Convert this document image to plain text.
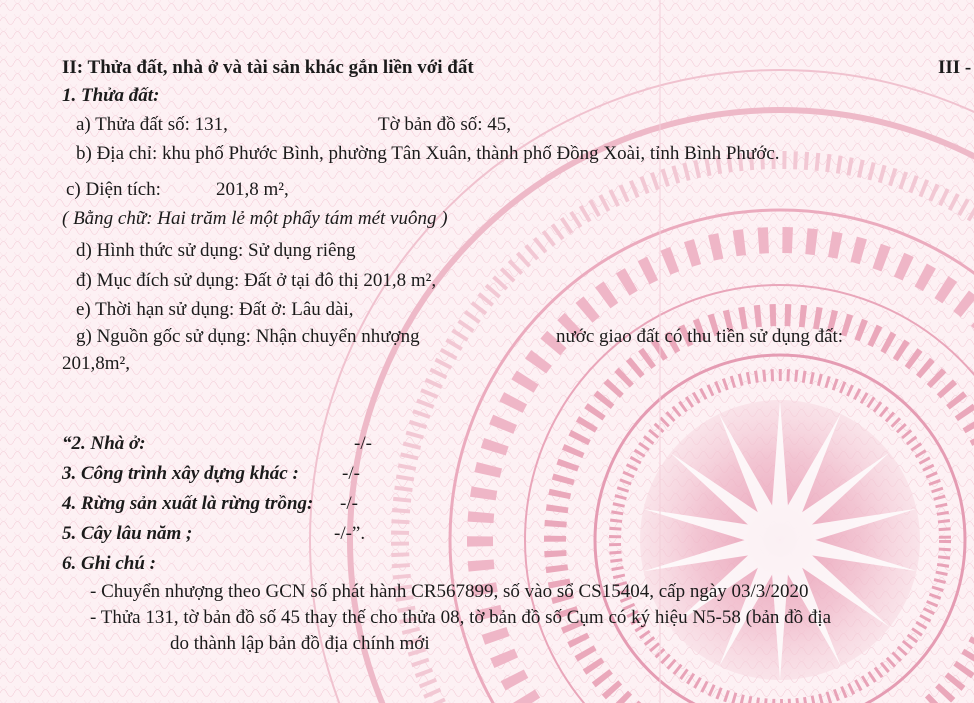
II: Thửa đất, nhà ở và tài sản khác gắn liền với đất	III -
1. Thửa đất:
a) Thửa đất số: 131,	Tờ bản đồ số: 45,
b) Địa chỉ: khu phố Phước Bình, phường Tân Xuân, thành phố Đồng Xoài, tỉnh Bình Phước.
c) Diện tích:	201,8 m²,
( Bằng chữ: Hai trăm lẻ một phẩy tám mét vuông )
d) Hình thức sử dụng: Sử dụng riêng
đ) Mục đích sử dụng: Đất ở tại đô thị 201,8 m²,
e) Thời hạn sử dụng: Đất ở: Lâu dài,
g) Nguồn gốc sử dụng: Nhận chuyển nhượng	nước giao đất có thu tiền sử dụng đất:
201,8m²,
“2. Nhà ở:	-/-
3. Công trình xây dựng khác : -/-
4. Rừng sản xuất là rừng trồng: -/-
5. Cây lâu năm ;	-/-”.
6. Ghi chú :
- Chuyển nhượng theo GCN số phát hành CR567899, số vào sổ CS15404, cấp ngày 03/3/2020
- Thửa 131, tờ bản đồ số 45 thay thế cho thửa 08, tờ bản đồ số Cụm có ký hiệu N5-58 (bản đồ địa
do thành lập bản đồ địa chính mới
